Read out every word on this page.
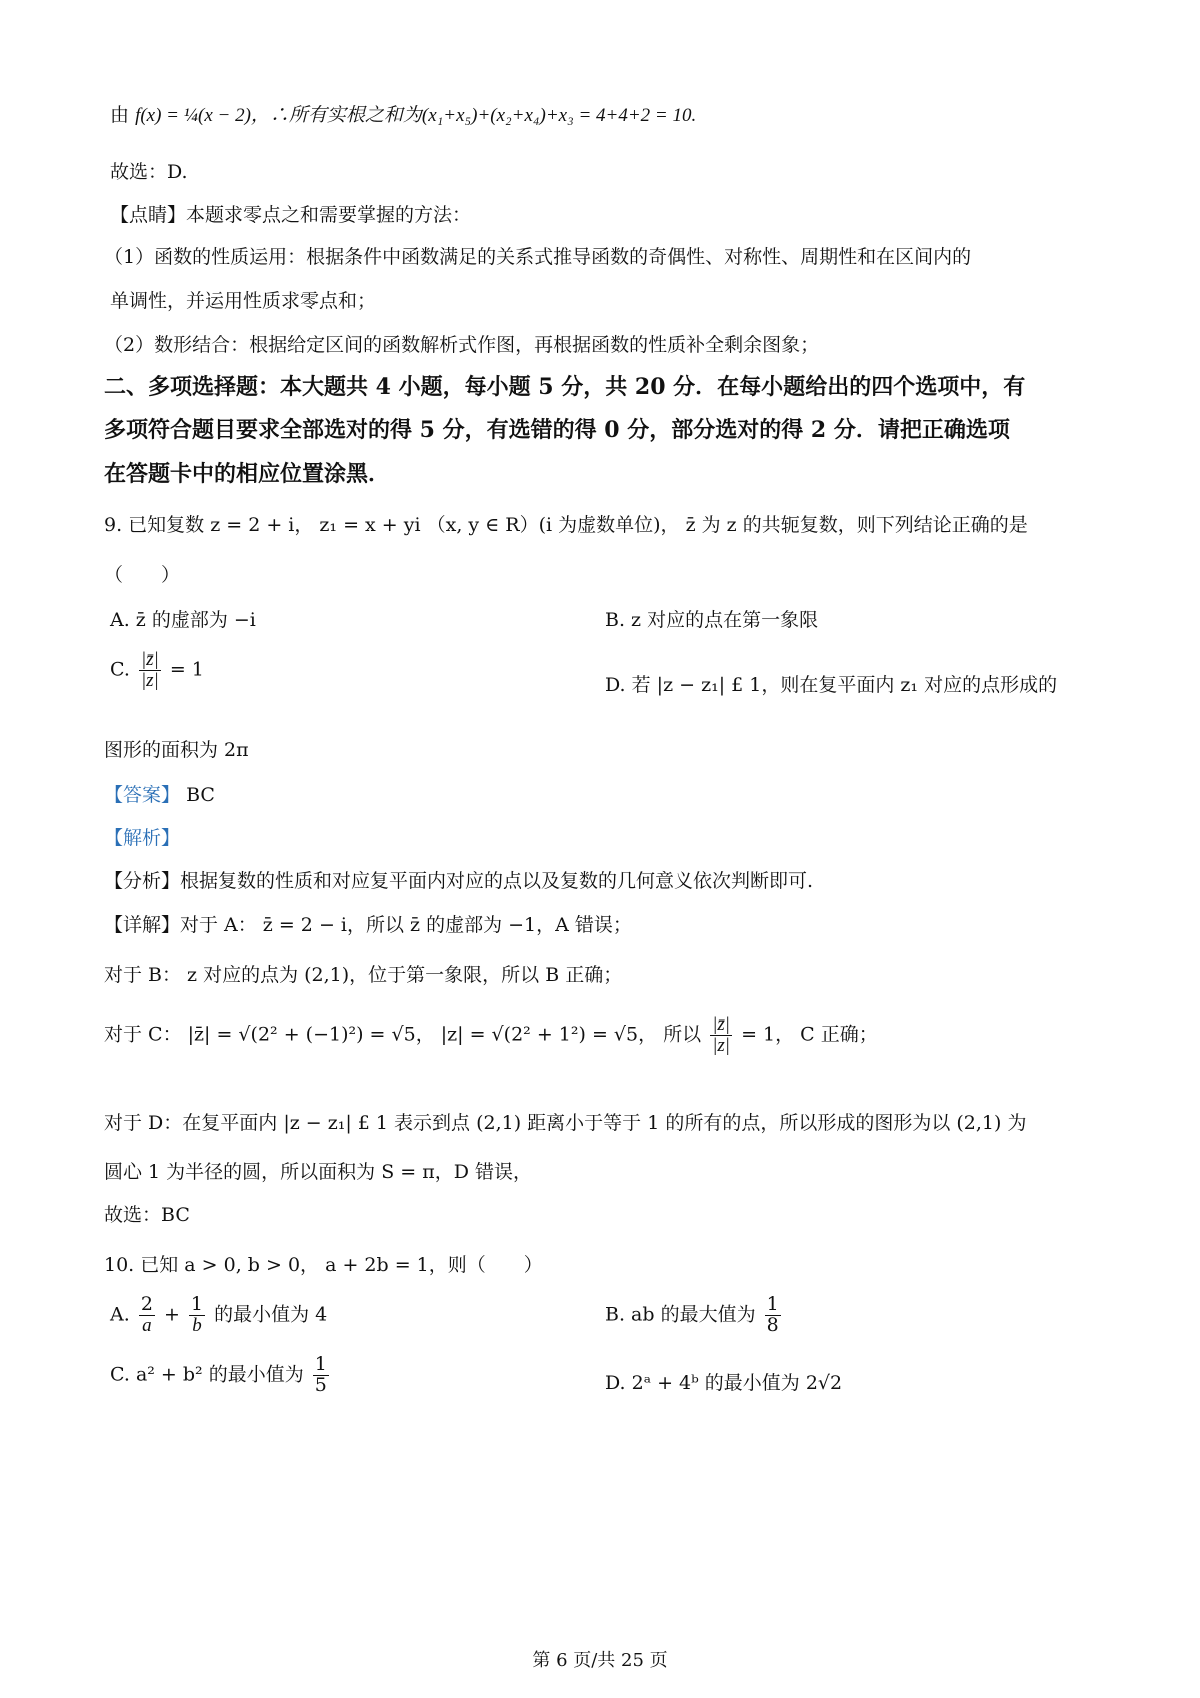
由 f(x) = ¼(x − 2)，∴所有实根之和为(x₁+x₅)+(x₂+x₄)+x₃ = 4+4+2 = 10.
故选：D.
【点睛】本题求零点之和需要掌握的方法：
（1）函数的性质运用：根据条件中函数满足的关系式推导函数的奇偶性、对称性、周期性和在区间内的
单调性，并运用性质求零点和；
（2）数形结合：根据给定区间的函数解析式作图，再根据函数的性质补全剩余图象；
二、多项选择题：本大题共 4 小题，每小题 5 分，共 20 分．在每小题给出的四个选项中，有
多项符合题目要求全部选对的得 5 分，有选错的得 0 分，部分选对的得 2 分．请把正确选项
在答题卡中的相应位置涂黑．
9. 已知复数 z = 2 + i， z₁ = x + yi （x, y ∈ R）(i 为虚数单位)， z̄ 为 z 的共轭复数，则下列结论正确的是
（　　）
A. z̄ 的虚部为 −i	B. z 对应的点在第一象限
C. $\frac{|z̄|}{|z|} = 1$
D. 若 |z − z₁| £ 1，则在复平面内 z₁ 对应的点形成的
图形的面积为 2π
【答案】 BC
【解析】
【分析】根据复数的性质和对应复平面内对应的点以及复数的几何意义依次判断即可.
【详解】对于 A： z̄ = 2 − i，所以 z̄ 的虚部为 −1，A 错误；
对于 B： z 对应的点为 (2,1)，位于第一象限，所以 B 正确；
对于 C： |z̄| = √(2² + (−1)²) = √5， |z| = √(2² + 1²) = √5， 所以 $\frac{|z̄|}{|z|} = 1$， C 正确；
对于 D：在复平面内 |z − z₁| £ 1 表示到点 (2,1) 距离小于等于 1 的所有的点，所以形成的图形为以 (2,1) 为
圆心 1 为半径的圆，所以面积为 S = π，D 错误，
故选：BC
10. 已知 a > 0, b > 0， a + 2b = 1，则（　　）
A. $\frac{2}{a} + \frac{1}{b}$ 的最小值为 4	B. ab 的最大值为 $\frac{1}{8}$
C. a² + b² 的最小值为 $\frac{1}{5}$	D. 2ᵃ + 4ᵇ 的最小值为 2√2
第 6 页/共 25 页
